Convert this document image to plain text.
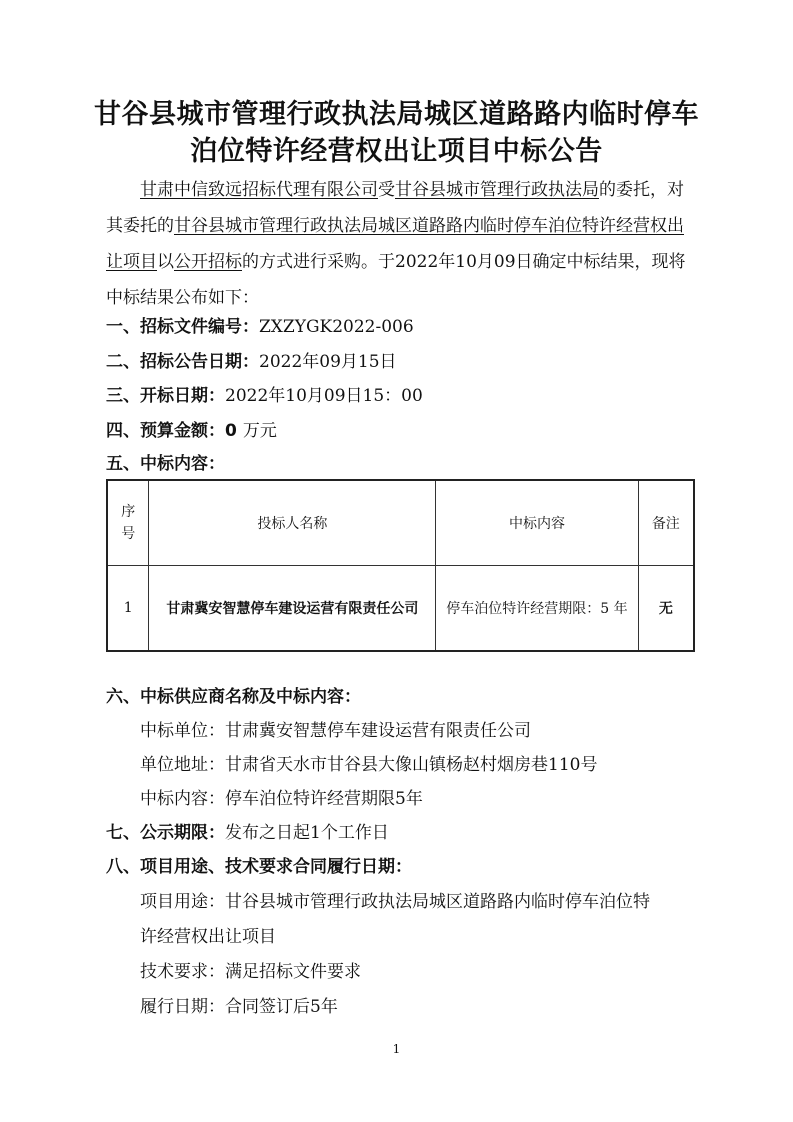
甘谷县城市管理行政执法局城区道路路内临时停车
泊位特许经营权出让项目中标公告
甘肃中信致远招标代理有限公司受甘谷县城市管理行政执法局的委托，对其委托的甘谷县城市管理行政执法局城区道路路内临时停车泊位特许经营权出让项目以公开招标的方式进行采购。于2022年10月09日确定中标结果，现将中标结果公布如下：
一、招标文件编号：ZXZYGK2022-006
二、招标公告日期：2022年09月15日
三、开标日期：2022年10月09日15：00
四、预算金额：0 万元
五、中标内容：
序
号	投标人名称	中标内容	备注
1	甘肃冀安智慧停车建设运营有限责任公司	停车泊位特许经营期限：5 年	无
六、中标供应商名称及中标内容：
中标单位：甘肃冀安智慧停车建设运营有限责任公司
单位地址：甘肃省天水市甘谷县大像山镇杨赵村烟房巷110号
中标内容：停车泊位特许经营期限5年
七、公示期限：发布之日起1个工作日
八、项目用途、技术要求合同履行日期：
项目用途：甘谷县城市管理行政执法局城区道路路内临时停车泊位特
许经营权出让项目
技术要求：满足招标文件要求
履行日期：合同签订后5年
1
